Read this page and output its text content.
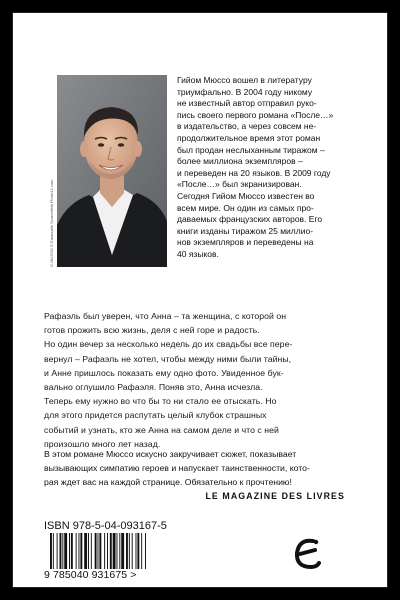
G.MUSSO © Emanuele Scorcelletti Photo12.com
Гийом Мюссо вошел в литературу
триумфально. В 2004 году никому
не известный автор отправил руко-
пись своего первого романа «После…»
в издательство, а через совсем не-
продолжительное время этот роман
был продан неслыханным тиражом –
более миллиона экземпляров –
и переведен на 20 языков. В 2009 году
«После…» был экранизирован.
Сегодня Гийом Мюссо известен во
всем мире. Он один из самых про-
даваемых французских авторов. Его
книги изданы тиражом 25 миллио-
нов экземпляров и переведены на
40 языков.
Рафаэль был уверен, что Анна – та женщина, с которой он
готов прожить всю жизнь, деля с ней горе и радость.
Но один вечер за несколько недель до их свадьбы все пере-
вернул – Рафаэль не хотел, чтобы между ними были тайны,
и Анне пришлось показать ему одно фото. Увиденное бук-
вально оглушило Рафаэля. Поняв это, Анна исчезла.
Теперь ему нужно во что бы то ни стало ее отыскать. Но
для этого придется распутать целый клубок страшных
событий и узнать, кто же Анна на самом деле и что с ней
произошло много лет назад.
В этом романе Мюссо искусно закручивает сюжет, показывает
вызывающих симпатию героев и напускает таинственности, кото-
рая ждет вас на каждой странице. Обязательно к прочтению!
LE MAGAZINE DES LIVRES
ISBN 978-5-04-093167-5
9 785040 931675 >
